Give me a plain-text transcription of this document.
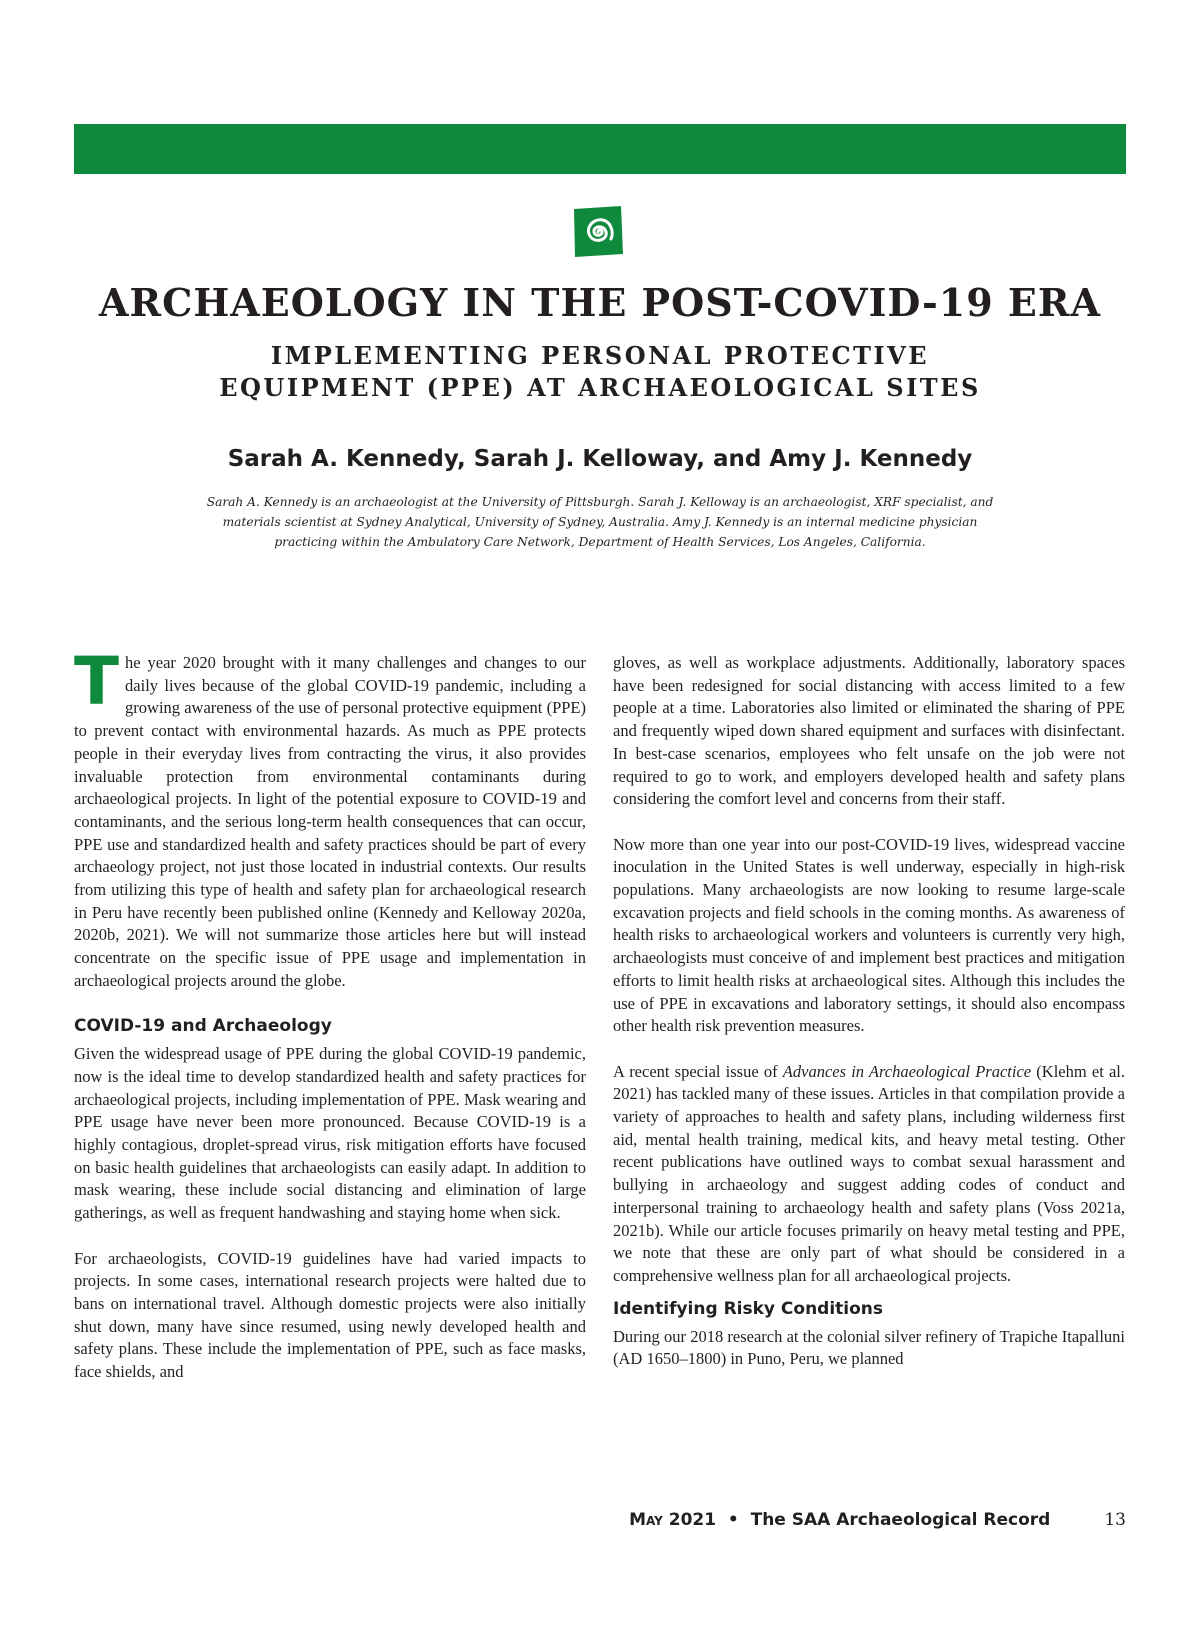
ARCHAEOLOGY IN THE POST-COVID-19 ERA
IMPLEMENTING PERSONAL PROTECTIVE
EQUIPMENT (PPE) AT ARCHAEOLOGICAL SITES
Sarah A. Kennedy, Sarah J. Kelloway, and Amy J. Kennedy

Sarah A. Kennedy is an archaeologist at the University of Pittsburgh. Sarah J. Kelloway is an archaeologist, XRF specialist, and materials scientist at Sydney Analytical, University of Sydney, Australia. Amy J. Kennedy is an internal medicine physician practicing within the Ambulatory Care Network, Department of Health Services, Los Angeles, California.

The year 2020 brought with it many challenges and changes to our daily lives because of the global COVID-19 pandemic, including a growing awareness of the use of personal protective equipment (PPE) to prevent contact with environmental hazards. As much as PPE protects people in their everyday lives from contracting the virus, it also provides invaluable protection from environmental contaminants during archaeological projects. In light of the potential exposure to COVID-19 and contaminants, and the serious long-term health consequences that can occur, PPE use and standardized health and safety practices should be part of every archaeology project, not just those located in industrial contexts. Our results from utilizing this type of health and safety plan for archaeological research in Peru have recently been published online (Kennedy and Kelloway 2020a, 2020b, 2021). We will not summarize those articles here but will instead concentrate on the specific issue of PPE usage and implementation in archaeological projects around the globe.

COVID-19 and Archaeology

Given the widespread usage of PPE during the global COVID-19 pandemic, now is the ideal time to develop standardized health and safety practices for archaeological projects, including implementation of PPE. Mask wearing and PPE usage have never been more pronounced. Because COVID-19 is a highly contagious, droplet-spread virus, risk mitigation efforts have focused on basic health guidelines that archaeologists can easily adapt. In addition to mask wearing, these include social distancing and elimination of large gatherings, as well as frequent handwashing and staying home when sick.

For archaeologists, COVID-19 guidelines have had varied impacts to projects. In some cases, international research projects were halted due to bans on international travel. Although domestic projects were also initially shut down, many have since resumed, using newly developed health and safety plans. These include the implementation of PPE, such as face masks, face shields, and

gloves, as well as workplace adjustments. Additionally, laboratory spaces have been redesigned for social distancing with access limited to a few people at a time. Laboratories also limited or eliminated the sharing of PPE and frequently wiped down shared equipment and surfaces with disinfectant. In best-case scenarios, employees who felt unsafe on the job were not required to go to work, and employers developed health and safety plans considering the comfort level and concerns from their staff.

Now more than one year into our post-COVID-19 lives, widespread vaccine inoculation in the United States is well underway, especially in high-risk populations. Many archaeologists are now looking to resume large-scale excavation projects and field schools in the coming months. As awareness of health risks to archaeological workers and volunteers is currently very high, archaeologists must conceive of and implement best practices and mitigation efforts to limit health risks at archaeological sites. Although this includes the use of PPE in excavations and laboratory settings, it should also encompass other health risk prevention measures.

A recent special issue of Advances in Archaeological Practice (Klehm et al. 2021) has tackled many of these issues. Articles in that compilation provide a variety of approaches to health and safety plans, including wilderness first aid, mental health training, medical kits, and heavy metal testing. Other recent publications have outlined ways to combat sexual harassment and bullying in archaeology and suggest adding codes of conduct and interpersonal training to archaeology health and safety plans (Voss 2021a, 2021b). While our article focuses primarily on heavy metal testing and PPE, we note that these are only part of what should be considered in a comprehensive wellness plan for all archaeological projects.

Identifying Risky Conditions

During our 2018 research at the colonial silver refinery of Trapiche Itapalluni (AD 1650–1800) in Puno, Peru, we planned

May 2021  •  The SAA Archaeological Record	13
